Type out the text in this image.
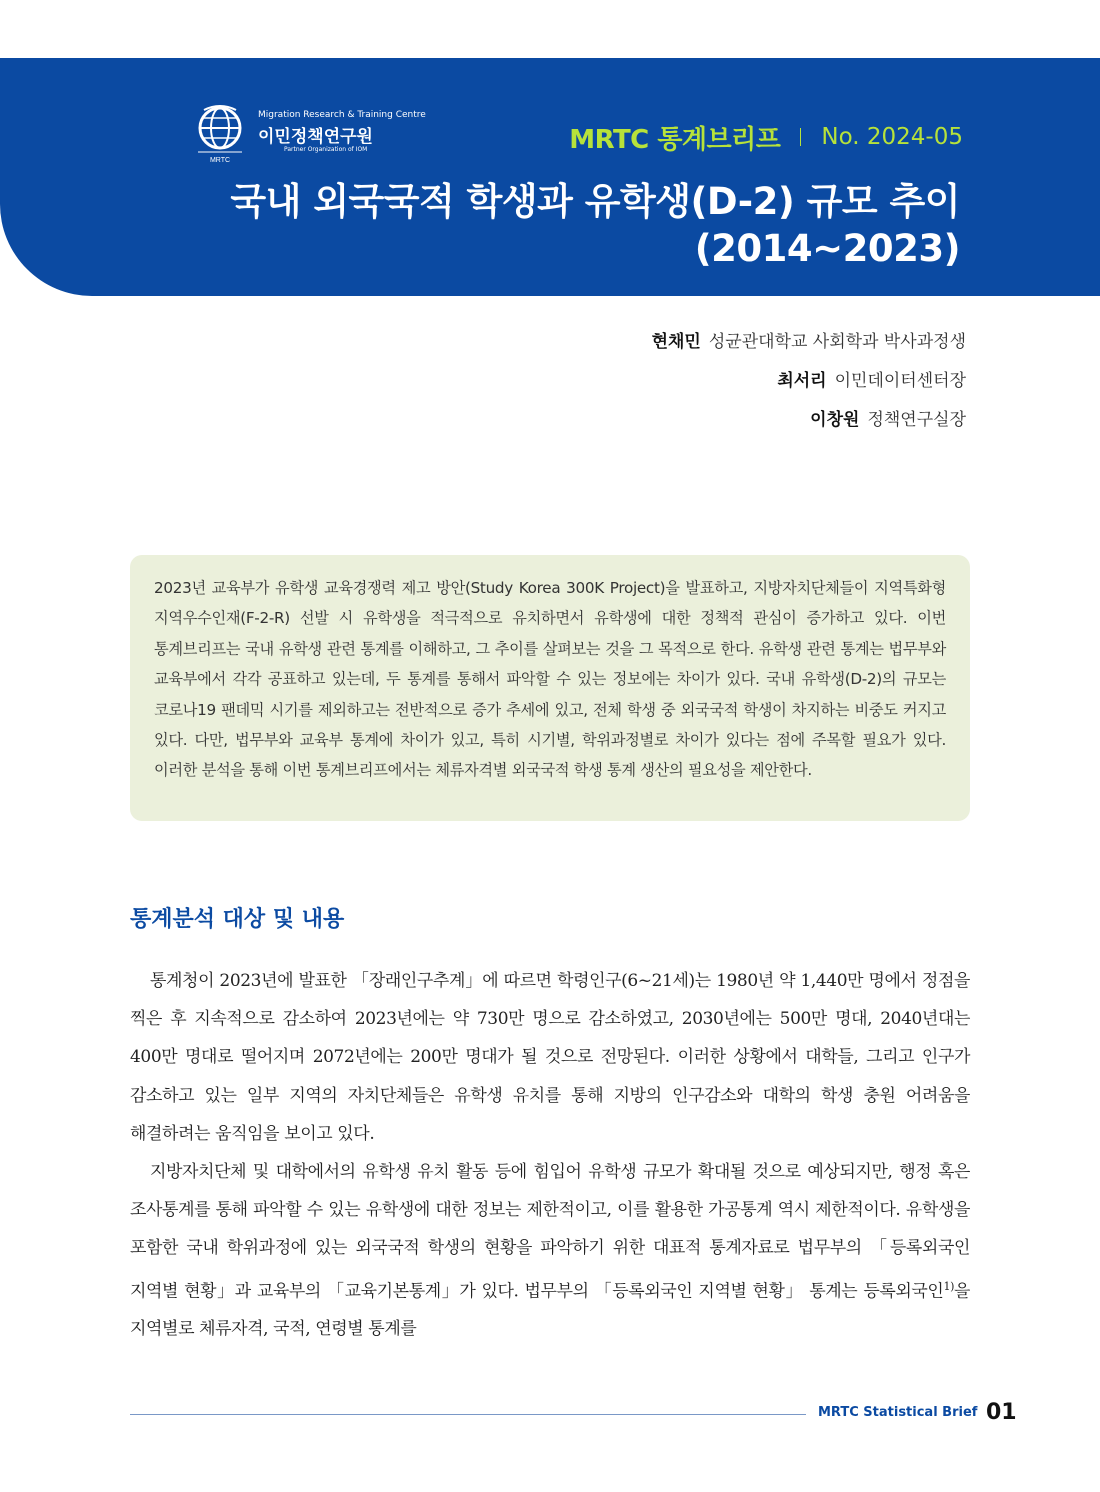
MRTC
Migration Research & Training Centre
이민정책연구원
Partner Organization of IOM	MRTC 통계브리프 No. 2024-05
국내 외국국적 학생과 유학생(D-2) 규모 추이
(2014~2023)
현채민 성균관대학교 사회학과 박사과정생
최서리 이민데이터센터장
이창원 정책연구실장

2023년 교육부가 유학생 교육경쟁력 제고 방안(Study Korea 300K Project)을 발표하고, 지방자치단체들이 지역특화형 지역우수인재(F-2-R) 선발 시 유학생을 적극적으로 유치하면서 유학생에 대한 정책적 관심이 증가하고 있다. 이번 통계브리프는 국내 유학생 관련 통계를 이해하고, 그 추이를 살펴보는 것을 그 목적으로 한다. 유학생 관련 통계는 법무부와 교육부에서 각각 공표하고 있는데, 두 통계를 통해서 파악할 수 있는 정보에는 차이가 있다. 국내 유학생(D-2)의 규모는 코로나19 팬데믹 시기를 제외하고는 전반적으로 증가 추세에 있고, 전체 학생 중 외국국적 학생이 차지하는 비중도 커지고 있다. 다만, 법무부와 교육부 통계에 차이가 있고, 특히 시기별, 학위과정별로 차이가 있다는 점에 주목할 필요가 있다. 이러한 분석을 통해 이번 통계브리프에서는 체류자격별 외국국적 학생 통계 생산의 필요성을 제안한다.

통계분석 대상 및 내용

통계청이 2023년에 발표한 「장래인구추계」에 따르면 학령인구(6~21세)는 1980년 약 1,440만 명에서 정점을 찍은 후 지속적으로 감소하여 2023년에는 약 730만 명으로 감소하였고, 2030년에는 500만 명대, 2040년대는 400만 명대로 떨어지며 2072년에는 200만 명대가 될 것으로 전망된다. 이러한 상황에서 대학들, 그리고 인구가 감소하고 있는 일부 지역의 자치단체들은 유학생 유치를 통해 지방의 인구감소와 대학의 학생 충원 어려움을 해결하려는 움직임을 보이고 있다.

지방자치단체 및 대학에서의 유학생 유치 활동 등에 힘입어 유학생 규모가 확대될 것으로 예상되지만, 행정 혹은 조사통계를 통해 파악할 수 있는 유학생에 대한 정보는 제한적이고, 이를 활용한 가공통계 역시 제한적이다. 유학생을 포함한 국내 학위과정에 있는 외국국적 학생의 현황을 파악하기 위한 대표적 통계자료로 법무부의 「등록외국인 지역별 현황」과 교육부의 「교육기본통계」가 있다. 법무부의 「등록외국인 지역별 현황」 통계는 등록외국인$^{1)}$을 지역별로 체류자격, 국적, 연령별 통계를

MRTC Statistical Brief 01
